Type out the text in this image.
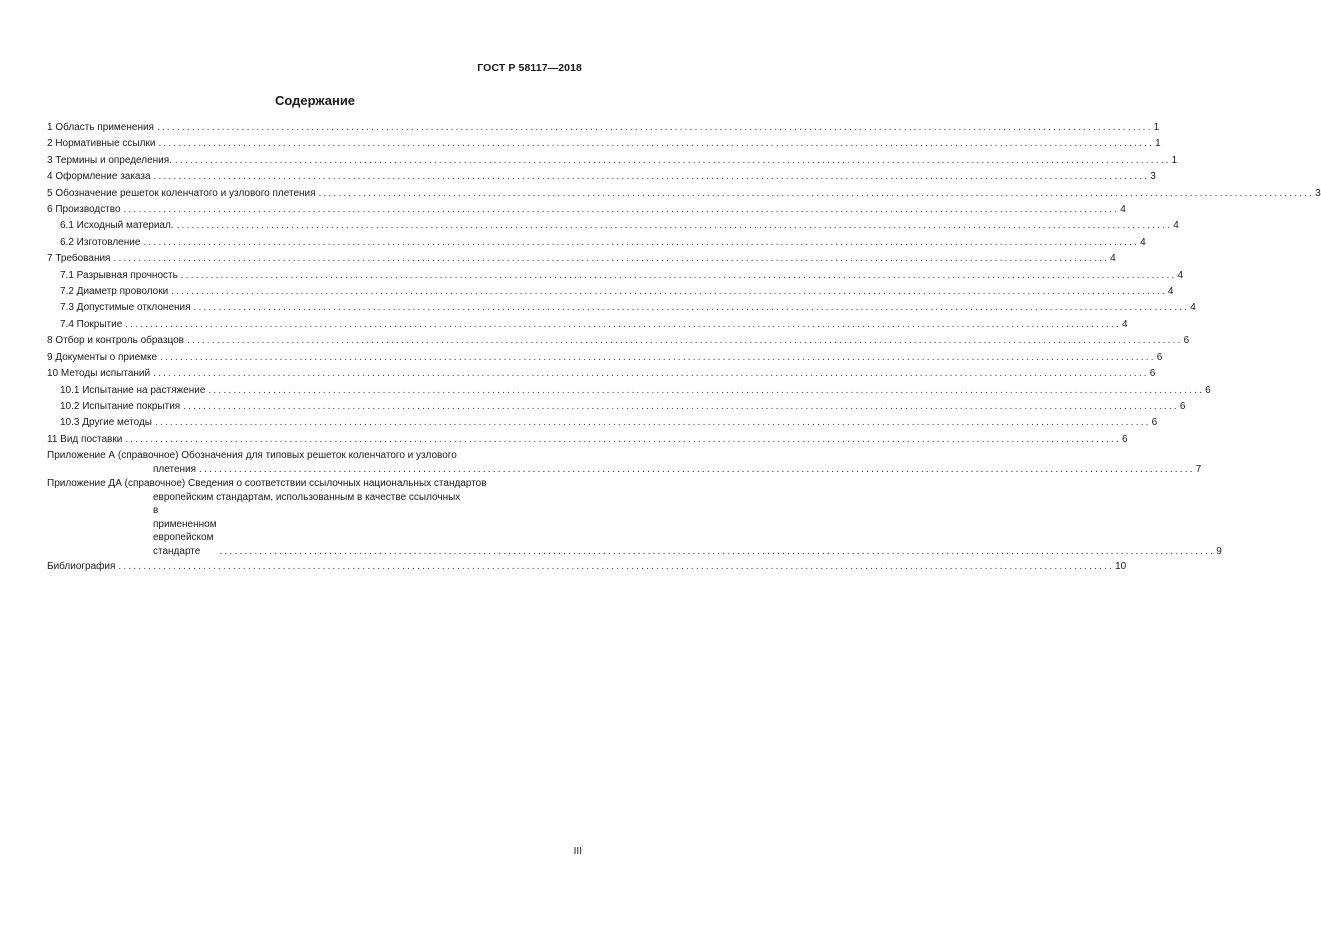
ГОСТ Р 58117—2018
Содержание
1 Область применения ........................................................................................................................................................................................................ 1
2 Нормативные ссылки ........................................................................................................................................................................................................ 1
3 Термины и определения. ........................................................................................................................................................................................................ 1
4 Оформление заказа ........................................................................................................................................................................................................ 3
5 Обозначение решеток коленчатого и узлового плетения ........................................................................................................................................................................................................ 3
6 Производство ........................................................................................................................................................................................................ 4
6.1 Исходный материал. ........................................................................................................................................................................................................ 4
6.2 Изготовление ........................................................................................................................................................................................................ 4
7 Требования ........................................................................................................................................................................................................ 4
7.1 Разрывная прочность ........................................................................................................................................................................................................ 4
7.2 Диаметр проволоки ........................................................................................................................................................................................................ 4
7.3 Допустимые отклонения ........................................................................................................................................................................................................ 4
7.4 Покрытие ........................................................................................................................................................................................................ 4
8 Отбор и контроль образцов ........................................................................................................................................................................................................ 6
9 Документы о приемке ........................................................................................................................................................................................................ 6
10 Методы испытаний ........................................................................................................................................................................................................ 6
10.1 Испытание на растяжение ........................................................................................................................................................................................................ 6
10.2 Испытание покрытия ........................................................................................................................................................................................................ 6
10.3 Другие методы ........................................................................................................................................................................................................ 6
11 Вид поставки ........................................................................................................................................................................................................ 6
Приложение А (справочное) Обозначения для типовых решеток коленчатого и узлового
плетения ........................................................................................................................................................................................................ 7
Приложение ДА (справочное) Сведения о соответствии ссылочных национальных стандартов
европейским стандартам, использованным в качестве ссылочных
в примененном европейском стандарте	........................................................................................................................................................................................................ 9
Библиография ........................................................................................................................................................................................................ 10
III
